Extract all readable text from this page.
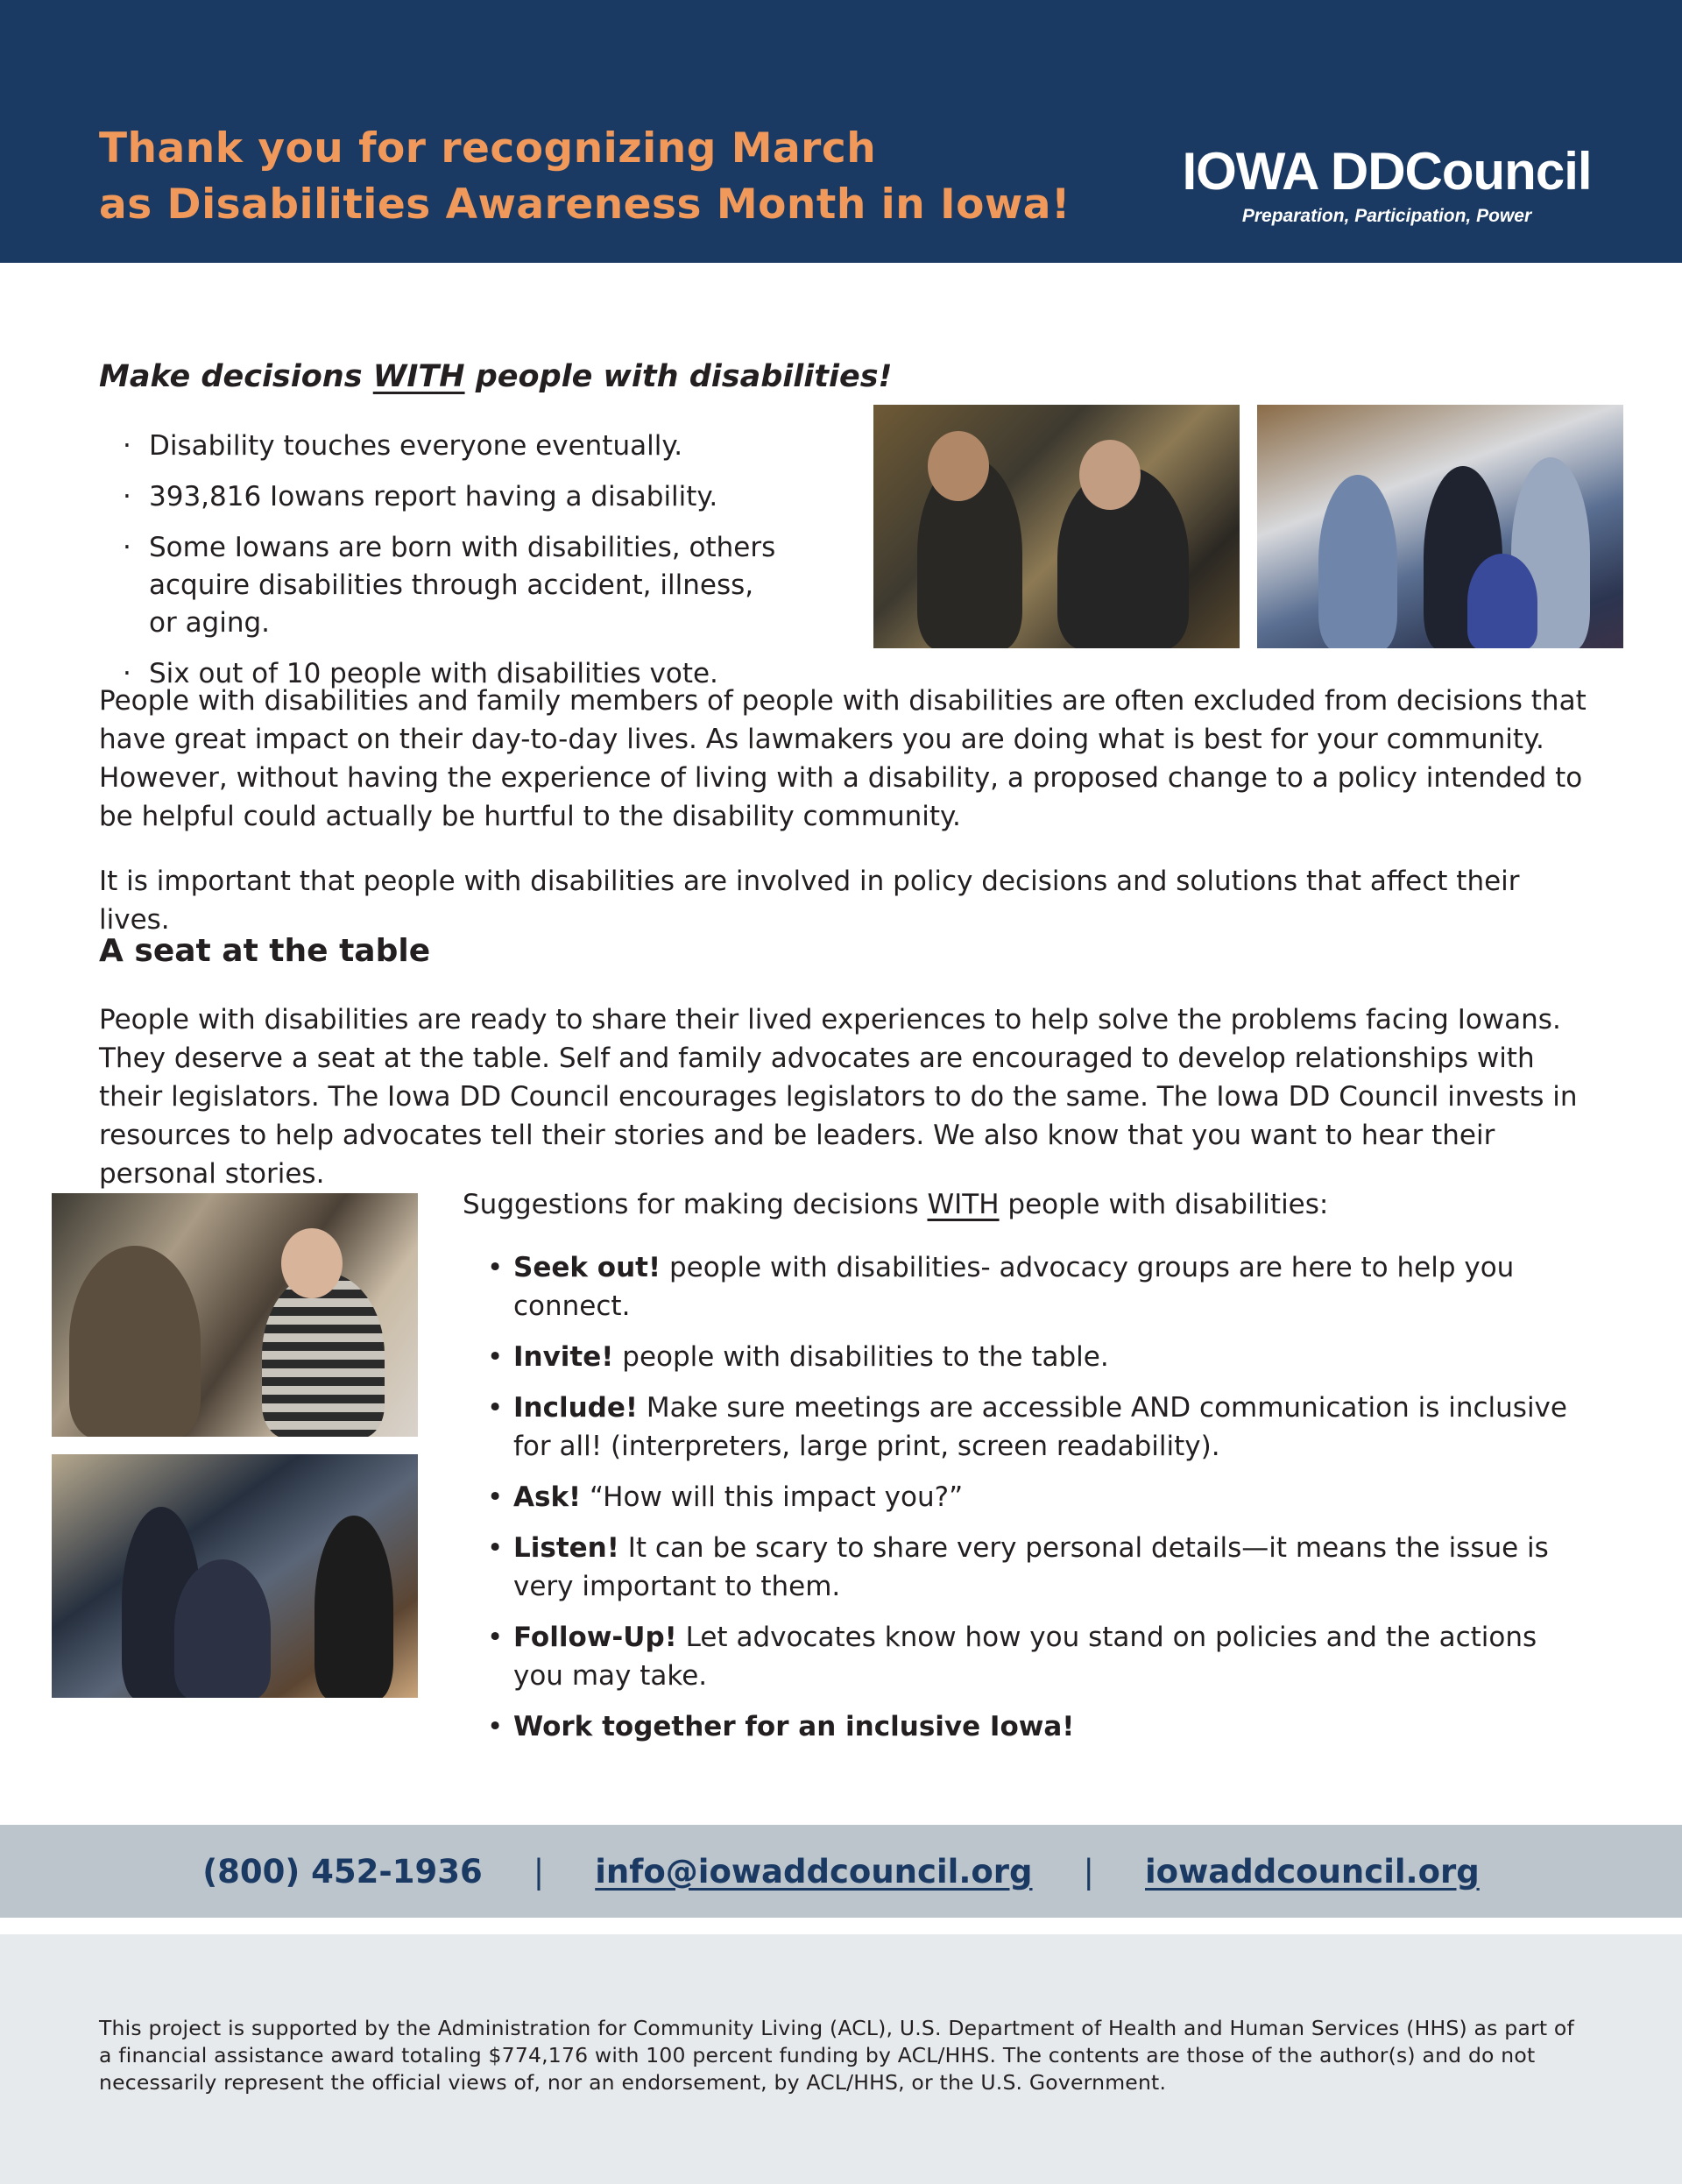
Thank you for recognizing March
as Disabilities Awareness Month in Iowa!
IOWA DDCouncil
Preparation, Participation, Power
Make decisions WITH people with disabilities!
· Disability touches everyone eventually.
· 393,816 Iowans report having a disability.
· Some Iowans are born with disabilities, others acquire disabilities through accident, illness, or aging.
· Six out of 10 people with disabilities vote.

People with disabilities and family members of people with disabilities are often excluded from decisions that have great impact on their day-to-day lives. As lawmakers you are doing what is best for your community. However, without having the experience of living with a disability, a proposed change to a policy intended to be helpful could actually be hurtful to the disability community.

It is important that people with disabilities are involved in policy decisions and solutions that affect their lives.

A seat at the table

People with disabilities are ready to share their lived experiences to help solve the problems facing Iowans. They deserve a seat at the table. Self and family advocates are encouraged to develop relationships with their legislators. The Iowa DD Council encourages legislators to do the same. The Iowa DD Council invests in resources to help advocates tell their stories and be leaders. We also know that you want to hear their personal stories.

Suggestions for making decisions WITH people with disabilities:
• Seek out! people with disabilities- advocacy groups are here to help you connect.
• Invite! people with disabilities to the table.
• Include! Make sure meetings are accessible AND communication is inclusive for all! (interpreters, large print, screen readability).
• Ask! “How will this impact you?”
• Listen! It can be scary to share very personal details—it means the issue is very important to them.
• Follow-Up! Let advocates know how you stand on policies and the actions you may take.
• Work together for an inclusive Iowa!
(800) 452-1936 | info@iowaddcouncil.org | iowaddcouncil.org

This project is supported by the Administration for Community Living (ACL), U.S. Department of Health and Human Services (HHS) as part of a financial assistance award totaling $774,176 with 100 percent funding by ACL/HHS. The contents are those of the author(s) and do not necessarily represent the official views of, nor an endorsement, by ACL/HHS, or the U.S. Government.
